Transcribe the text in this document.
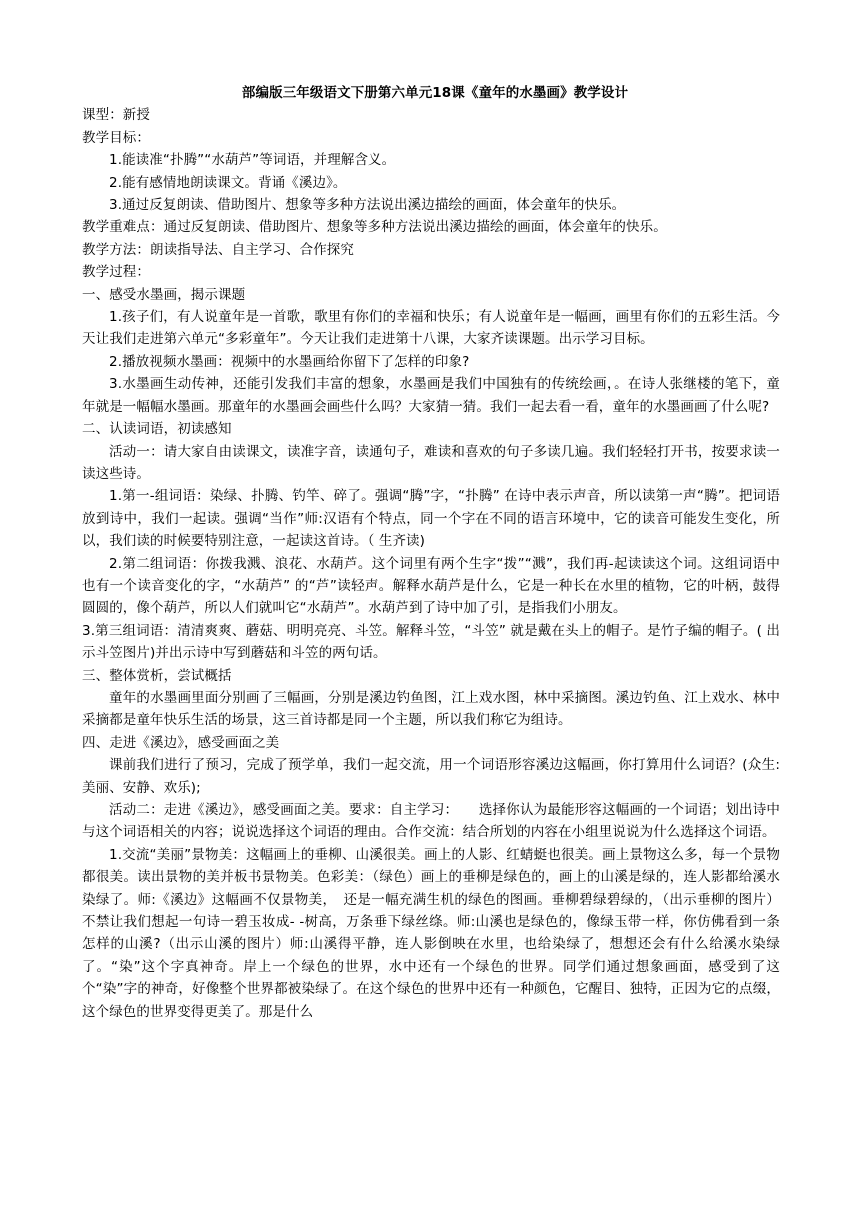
部编版三年级语文下册第六单元18课《童年的水墨画》教学设计

课型：新授

教学目标：

1.能读准“扑腾”“水葫芦”等词语，并理解含义。

2.能有感情地朗读课文。背诵《溪边》。

3.通过反复朗读、借助图片、想象等多种方法说出溪边描绘的画面，体会童年的快乐。

教学重难点：通过反复朗读、借助图片、想象等多种方法说出溪边描绘的画面，体会童年的快乐。

教学方法：朗读指导法、自主学习、合作探究

教学过程：

一、感受水墨画，揭示课题

1.孩子们，有人说童年是一首歌，歌里有你们的幸福和快乐；有人说童年是一幅画，画里有你们的五彩生活。今天让我们走进第六单元“多彩童年”。今天让我们走进第十八课，大家齐读课题。出示学习目标。

2.播放视频水墨画：视频中的水墨画给你留下了怎样的印象?

3.水墨画生动传神，还能引发我们丰富的想象，水墨画是我们中国独有的传统绘画，。在诗人张继楼的笔下，童年就是一幅幅水墨画。那童年的水墨画会画些什么吗？大家猜一猜。我们一起去看一看，童年的水墨画画了什么呢?

二、认读词语，初读感知

活动一：请大家自由读课文，读准字音，读通句子，难读和喜欢的句子多读几遍。我们轻轻打开书，按要求读一读这些诗。

1.第一-组词语：染绿、扑腾、钓竿、碎了。强调“腾”字，“扑腾” 在诗中表示声音，所以读第一声“腾”。把词语放到诗中，我们一起读。强调“当作”师:汉语有个特点，同一个字在不同的语言环境中，它的读音可能发生变化，所以，我们读的时候要特别注意，一起读这首诗。（ 生齐读)

2.第二组词语：你拨我溅、浪花、水葫芦。这个词里有两个生字“拨”“溅”，我们再-起读读这个词。这组词语中也有一个读音变化的字，“水葫芦” 的“芦”读轻声。解释水葫芦是什么，它是一种长在水里的植物，它的叶柄，鼓得圆圆的，像个葫芦，所以人们就叫它“水葫芦”。水葫芦到了诗中加了引，是指我们小朋友。

3.第三组词语：清清爽爽、蘑菇、明明亮亮、斗笠。解释斗笠，“斗笠” 就是戴在头上的帽子。是竹子编的帽子。( 出示斗笠图片)并出示诗中写到蘑菇和斗笠的两句话。

三、整体赏析，尝试概括

童年的水墨画里面分别画了三幅画，分别是溪边钓鱼图，江上戏水图，林中采摘图。溪边钓鱼、江上戏水、林中采摘都是童年快乐生活的场景，这三首诗都是同一个主题，所以我们称它为组诗。

四、走进《溪边》，感受画面之美

课前我们进行了预习，完成了预学单，我们一起交流，用一个词语形容溪边这幅画，你打算用什么词语？(众生:美丽、安静、欢乐);

活动二：走进《溪边》，感受画面之美。要求：自主学习：　　选择你认为最能形容这幅画的一个词语；划出诗中与这个词语相关的内容；说说选择这个词语的理由。合作交流：结合所划的内容在小组里说说为什么选择这个词语。

1.交流“美丽”景物美：这幅画上的垂柳、山溪很美。画上的人影、红蜻蜓也很美。画上景物这么多，每一个景物都很美。读出景物的美并板书景物美。色彩美：（绿色）画上的垂柳是绿色的，画上的山溪是绿的，连人影都给溪水染绿了。师:《溪边》这幅画不仅景物美，　还是一幅充满生机的绿色的图画。垂柳碧绿碧绿的，（出示垂柳的图片）不禁让我们想起一句诗一碧玉妆成- -树高，万条垂下绿丝绦。师:山溪也是绿色的，像绿玉带一样，你仿佛看到一条怎样的山溪?（出示山溪的图片）师:山溪得平静，连人影倒映在水里，也给染绿了，想想还会有什么给溪水染绿了。“染”这个字真神奇。岸上一个绿色的世界，水中还有一个绿色的世界。同学们通过想象画面，感受到了这个“染”字的神奇，好像整个世界都被染绿了。在这个绿色的世界中还有一种颜色，它醒目、独特，正因为它的点缀，这个绿色的世界变得更美了。那是什么
